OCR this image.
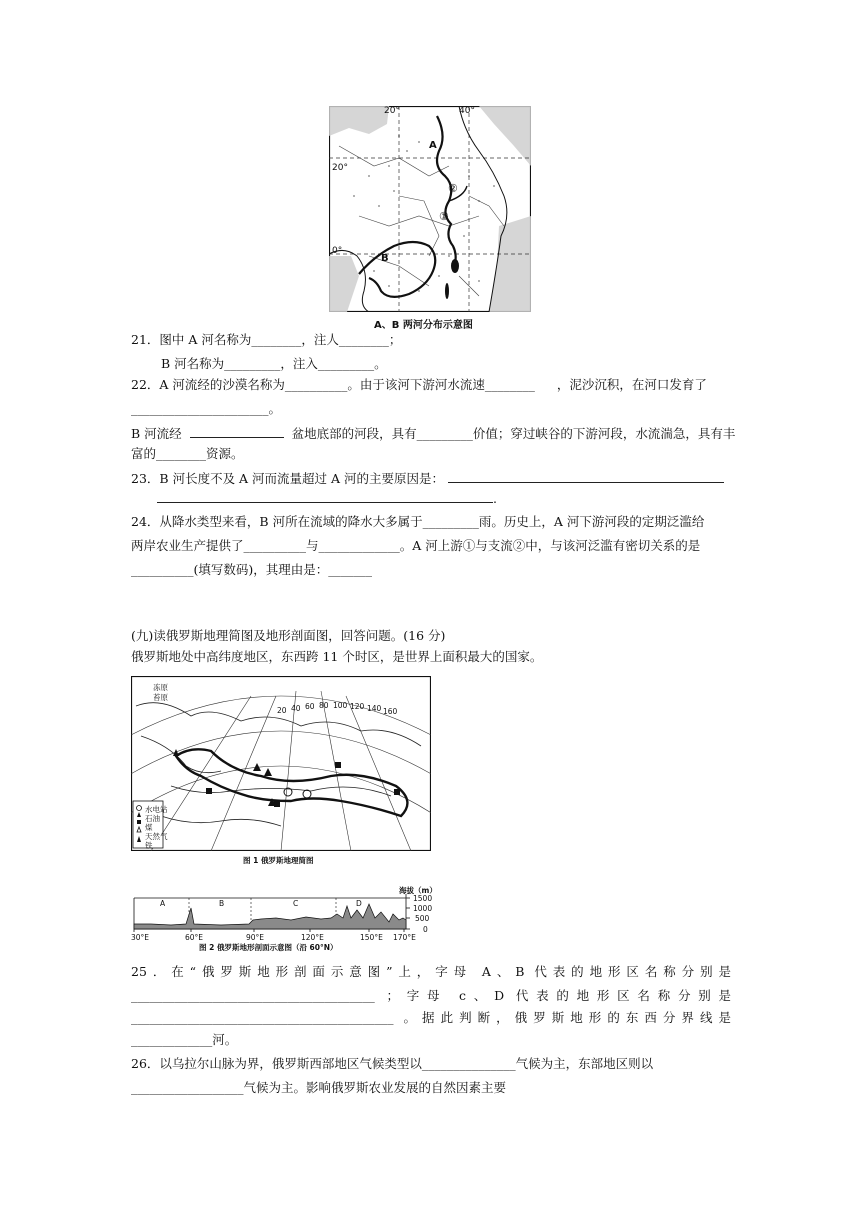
20°	40°
20°
0°
A
B
②
①
A、B 两河分布示意图
21．图中 A 河名称为________，注人________；
B 河名称为_________，注入_________。
22．A 河流经的沙漠名称为__________。由于该河下游河水流速________ ，泥沙沉积，在河口发育了
______________________。
B 河流经	盆地底部的河段，具有_________价值；穿过峡谷的下游河段，水流湍急，具有丰
富的________资源。
23．B 河长度不及 A 河而流量超过 A 河的主要原因是：
.
24．从降水类型来看，B 河所在流域的降水大多属于_________雨。历史上，A 河下游河段的定期泛滥给
两岸农业生产提供了__________与_____________。A 河上游①与支流②中，与该河泛滥有密切关系的是
__________(填写数码)，其理由是：_______
(九)读俄罗斯地理简图及地形剖面图，回答问题。(16 分)
俄罗斯地处中高纬度地区，东西跨 11 个时区，是世界上面积最大的国家。
水电站
石油
煤
天然气
铁
冻原
苔原
20 40 60 80 100 120 140 160
图 1 俄罗斯地理简图
A	B	C	D
海拔（m）
1500
1000
500
0
30°E	60°E	90°E	120°E	150°E 170°E
图 2 俄罗斯地形剖面示意图（沿 60°N）
25．在“俄罗斯地形剖面示意图”上，字母 A、B 代表的地形区名称分别是
_______________________________________ ；字母 c、D 代表的地形区名称分别是
__________________________________________ 。据此判断，俄罗斯地形的东西分界线是
_____________河。
26．以乌拉尔山脉为界，俄罗斯西部地区气候类型以_______________气候为主，东部地区则以
__________________气候为主。影响俄罗斯农业发展的自然因素主要
